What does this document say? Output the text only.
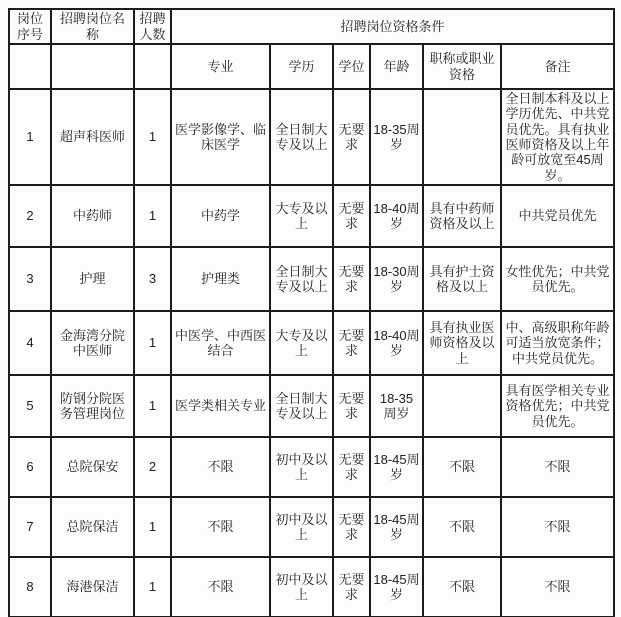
岗位序号	招聘岗位名称	招聘人数	招聘岗位资格条件					
			专业	学历	学位	年龄	职称或职业资格	备注
1	超声科医师	1	医学影像学、临床医学	全日制大专及以上	无要求	18-35周岁		全日制本科及以上学历优先、中共党员优先。具有执业医师资格及以上年龄可放宽至45周岁。
2	中药师	1	中药学	大专及以上	无要求	18-40周岁	具有中药师资格及以上	中共党员优先
3	护理	3	护理类	全日制大专及以上	无要求	18-30周岁	具有护士资格及以上	女性优先；中共党员优先。
4	金海湾分院中医师	1	中医学、中西医结合	大专及以上	无要求	18-40周岁	具有执业医师资格及以上	中、高级职称年龄可适当放宽条件；中共党员优先。
5	防钢分院医务管理岗位	1	医学类相关专业	全日制大专及以上	无要求	18-35 周岁		具有医学相关专业资格优先；中共党员优先。
6	总院保安	2	不限	初中及以上	无要求	18-45周岁	不限	不限
7	总院保洁	1	不限	初中及以上	无要求	18-45周岁	不限	不限
8	海港保洁	1	不限	初中及以上	无要求	18-45周岁	不限	不限
